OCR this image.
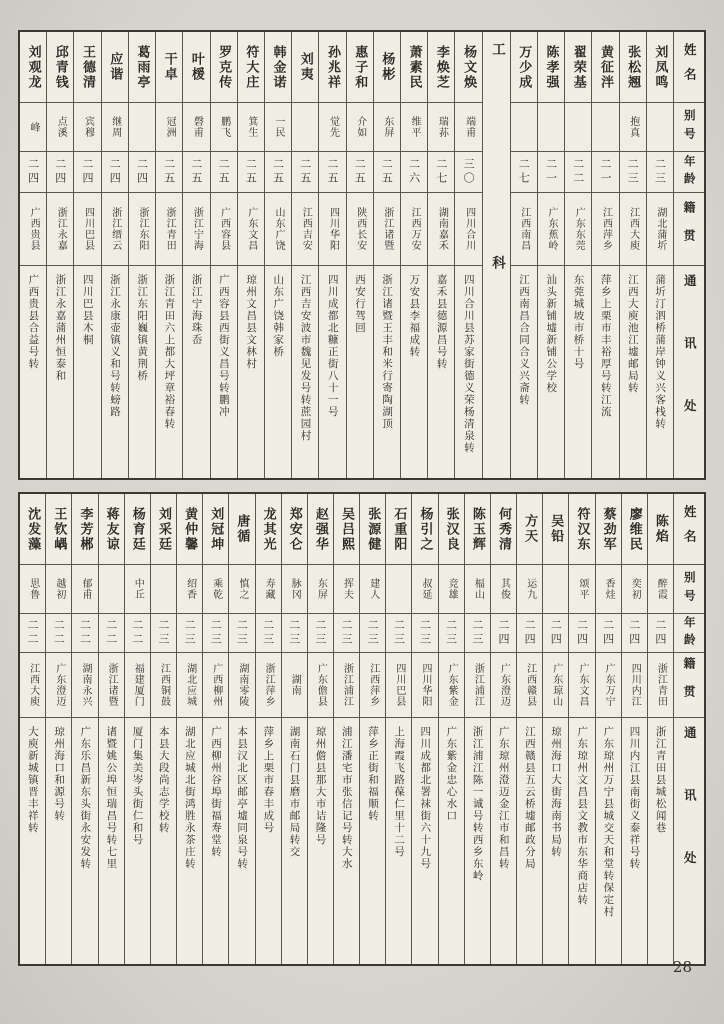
姓名
别号
年龄
籍贯
通讯处
刘凤鸣
二三
湖北蒲圻
蒲圻汀泗桥蒲岸钟义兴客栈转
张松翘
抱真
二三
江西大庾
江西大庾池江墟邮局转
黄征泮
二一
江西萍乡
萍乡上栗市丰裕厚号转江流
翟荣基
二二
广东东莞
东莞城坡市桥十号
陈孝强
二一
广东蕉岭
汕头新铺墟新铺公学校
万少成
二七
江西南昌
江西南昌合同合义兴斋转
工科
杨文焕
端甫
三〇
四川合川
四川合川县苏家街德义荣杨清泉转
李焕芝
瑞荪
二七
湖南嘉禾
嘉禾县德源昌号转
萧素民
维平
二六
江西万安
万安县李福成转
杨彬
东屏
二五
浙江诸暨
浙江诸暨王丰和米行寄陶湖顶
惠子和
介如
二五
陕西长安
西安行驾回
孙兆祥
觉先
二五
四川华阳
四川成都北糠正街八十一号
刘夷
二五
江西吉安
江西吉安波市魏见发号转蔗园村
韩金诺
一民
二五
山东广饶
山东广饶韩家桥
符大庄
箕生
二五
广东文昌
琼州文昌县文林村
罗克传
鹏飞
二五
广西容县
广西容县西街义昌号转鹏冲
叶楥
磬甫
二五
浙江宁海
浙江宁海珠岙
干卓
冠洲
二五
浙江青田
浙江青田六上都大坪章裕春转
葛雨亭
二四
浙江东阳
浙江东阳巍镇黄荆桥
应谐
继周
二四
浙江缙云
浙江永康壶镇义和号转螃路
王德清
宾穆
二四
四川巴县
四川巴县木桐
邱青钱
点溪
二四
浙江永嘉
浙江永嘉蒲州恒泰和
刘观龙
峰
二四
广西贵县
广西贵县合益号转
姓名
别号
年龄
籍贯
通讯处
陈焰
醉霞
二四
浙江青田
浙江青田县城松闻巷
廖维民
奕初
二四
四川内江
四川内江县南街义泰祥号转
蔡劲军
香烓
二四
广东万宁
广东琼州万宁县城交天和堂转保定村
符汉东
颂平
二四
广东文昌
广东琼州文昌县文教市东华商店转
吴铅
二四
广东琼山
琼州海口大街海南书局转
方天
运九
二四
江西赣县
江西赣县五云桥墟邮政分局
何秀清
其俊
二四
广东澄迈
广东琼州澄迈金江市和昌转
陈玉辉
楅山
二三
浙江浦江
浙江浦江陈一诚号转西乡东岭
张汉良
竞雄
二三
广东紫金
广东紫金忠心水口
杨引之
叔延
二三
四川华阳
四川成都北署袜街六十九号
石重阳
二三
四川巴县
上海霞飞路葆仁里十二号
张源健
建人
二三
江西萍乡
萍乡正街和福顺转
吴吕熙
挥夫
二三
浙江浦江
浦江潘宅市张信记号转大水
赵强华
东屏
二三
广东儋县
琼州儋县那大市诘隆号
郑安仑
脉冈
二三
湖南
湖南石门县磨市邮局转交
龙其光
寿藏
二三
浙江萍乡
萍乡上栗市春丰成号
唐循
慎之
二三
湖南零陵
本县汉北区邮亭墟同泉号转
刘冠坤
乘乾
二三
广西柳州
广西柳州谷埠街福寿堂转
黄仲馨
绍香
二三
湖北应城
湖北应城北街鸿胜永茶庄转
刘采廷
二三
江西铜鼓
本县大段尚志学校转
杨育廷
中丘
二二
福建厦门
厦门集美岑头街仁和号
蒋友谅
二二
浙江诸暨
诸暨姚公埠恒瑞昌号转七里
李芳郴
郁甫
二二
湖南永兴
广东乐昌新东头街永安发转
王钦嵎
越初
二二
广东澄迈
琼州海口和源号转
沈发藻
思鲁
二二
江西大庾
大庾新城镇晋丰祥转
28
